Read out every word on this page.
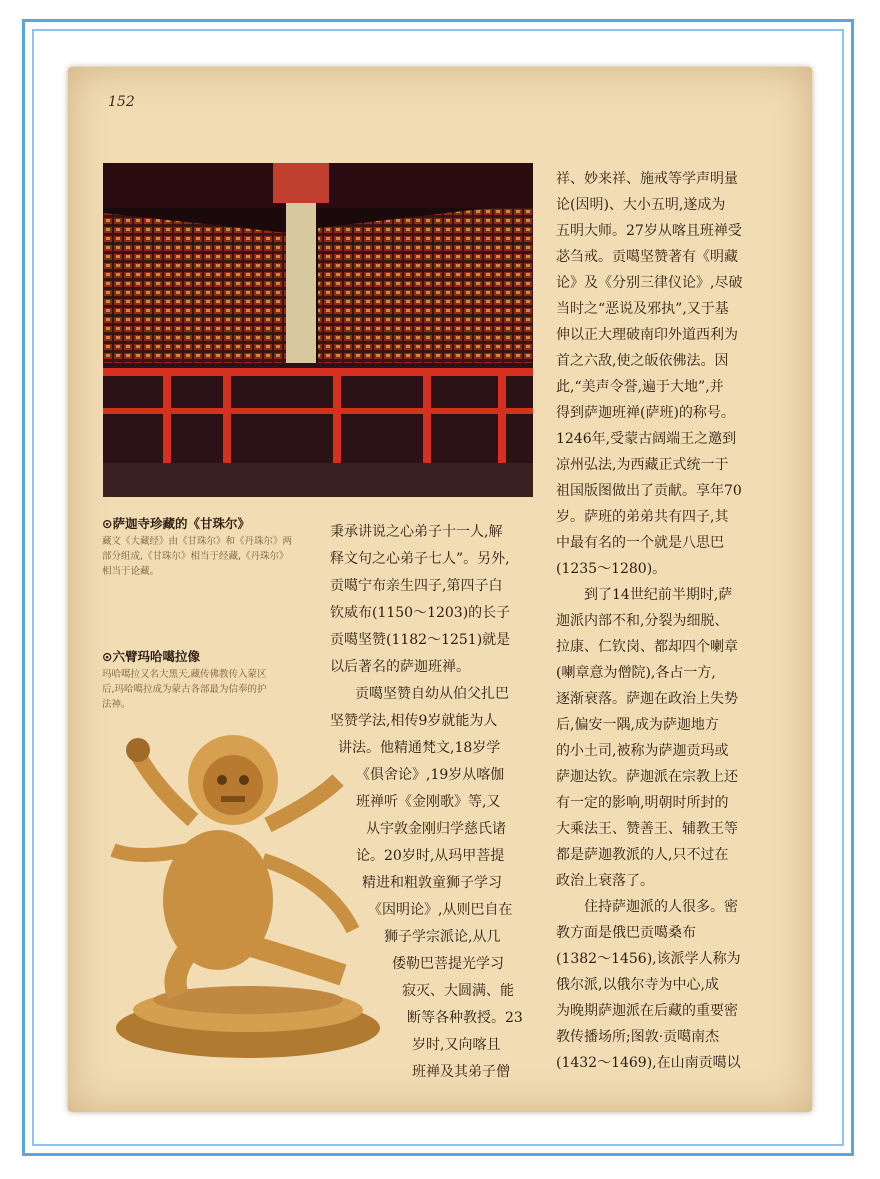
152
⊙萨迦寺珍藏的《甘珠尔》
藏文《大藏经》由《甘珠尔》和《丹珠尔》两
部分组成,《甘珠尔》相当于经藏,《丹珠尔》
相当于论藏。
⊙六臂玛哈噶拉像
玛哈噶拉又名大黑天,藏传佛教传入蒙区
后,玛哈噶拉成为蒙古各部最为信奉的护
法神。
秉承讲说之心弟子十一人,解
释文句之心弟子七人”。另外,
贡噶宁布亲生四子,第四子白
钦威布(1150～1203)的长子
贡噶坚赞(1182～1251)就是
以后著名的萨迦班禅。
贡噶坚赞自幼从伯父扎巴
坚赞学法,相传9岁就能为人
讲法。他精通梵文,18岁学
《俱舍论》,19岁从喀伽
班禅听《金刚歌》等,又
从宇敦金刚归学慈氏诸
论。20岁时,从玛甲菩提
精进和粗敦童狮子学习
《因明论》,从则巴自在
狮子学宗派论,从几
倭勒巴菩提光学习
寂灭、大圆满、能
断等各种教授。23
岁时,又向喀且
班禅及其弟子僧
祥、妙来祥、施戒等学声明量
论(因明)、大小五明,遂成为
五明大师。27岁从喀且班禅受
苾刍戒。贡噶坚赞著有《明藏
论》及《分别三律仪论》,尽破
当时之“恶说及邪执”,又于基
伸以正大理破南印外道西利为
首之六敌,使之皈依佛法。因
此,“美声令誉,遍于大地”,并
得到萨迦班禅(萨班)的称号。
1246年,受蒙古阔端王之邀到
凉州弘法,为西藏正式统一于
祖国版图做出了贡献。享年70
岁。萨班的弟弟共有四子,其
中最有名的一个就是八思巴
(1235～1280)。
到了14世纪前半期时,萨
迦派内部不和,分裂为细脱、
拉康、仁钦岗、都却四个喇章
(喇章意为僧院),各占一方,
逐渐衰落。萨迦在政治上失势
后,偏安一隅,成为萨迦地方
的小土司,被称为萨迦贡玛或
萨迦达钦。萨迦派在宗教上还
有一定的影响,明朝时所封的
大乘法王、赞善王、辅教王等
都是萨迦教派的人,只不过在
政治上衰落了。
住持萨迦派的人很多。密
教方面是俄巴贡噶桑布
(1382～1456),该派学人称为
俄尔派,以俄尔寺为中心,成
为晚期萨迦派在后藏的重要密
教传播场所;图敦·贡噶南杰
(1432～1469),在山南贡噶以
